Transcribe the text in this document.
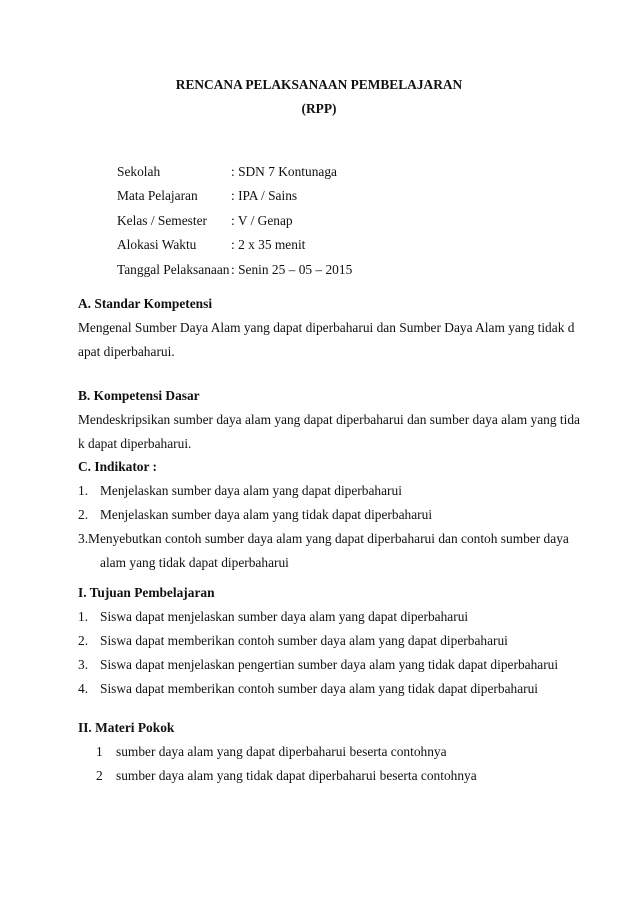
RENCANA PELAKSANAAN PEMBELAJARAN
(RPP)
Sekolah	: SDN 7 Kontunaga
Mata Pelajaran : IPA / Sains
Kelas / Semester: V / Genap
Alokasi Waktu	: 2 x 35 menit
Tanggal Pelaksanaan : Senin 25 – 05 – 2015
A. Standar Kompetensi
Mengenal Sumber Daya Alam yang dapat diperbaharui dan Sumber Daya Alam yang tidak d
apat diperbaharui.
B. Kompetensi Dasar
Mendeskripsikan sumber daya alam yang dapat diperbaharui dan sumber daya alam yang tida
k dapat diperbaharui.
C. Indikator :
1. Menjelaskan sumber daya alam yang dapat diperbaharui
2. Menjelaskan sumber daya alam yang tidak dapat diperbaharui
3. Menyebutkan contoh sumber daya alam yang dapat diperbaharui dan contoh sumber daya
alam yang tidak dapat diperbaharui
I. Tujuan Pembelajaran
1. Siswa dapat menjelaskan sumber daya alam yang dapat diperbaharui
2. Siswa dapat memberikan contoh sumber daya alam yang dapat diperbaharui
3. Siswa dapat menjelaskan pengertian sumber daya alam yang tidak dapat diperbaharui
4. Siswa dapat memberikan contoh sumber daya alam yang tidak dapat diperbaharui
II. Materi Pokok
1 sumber daya alam yang dapat diperbaharui beserta contohnya
2 sumber daya alam yang tidak dapat diperbaharui beserta contohnya
